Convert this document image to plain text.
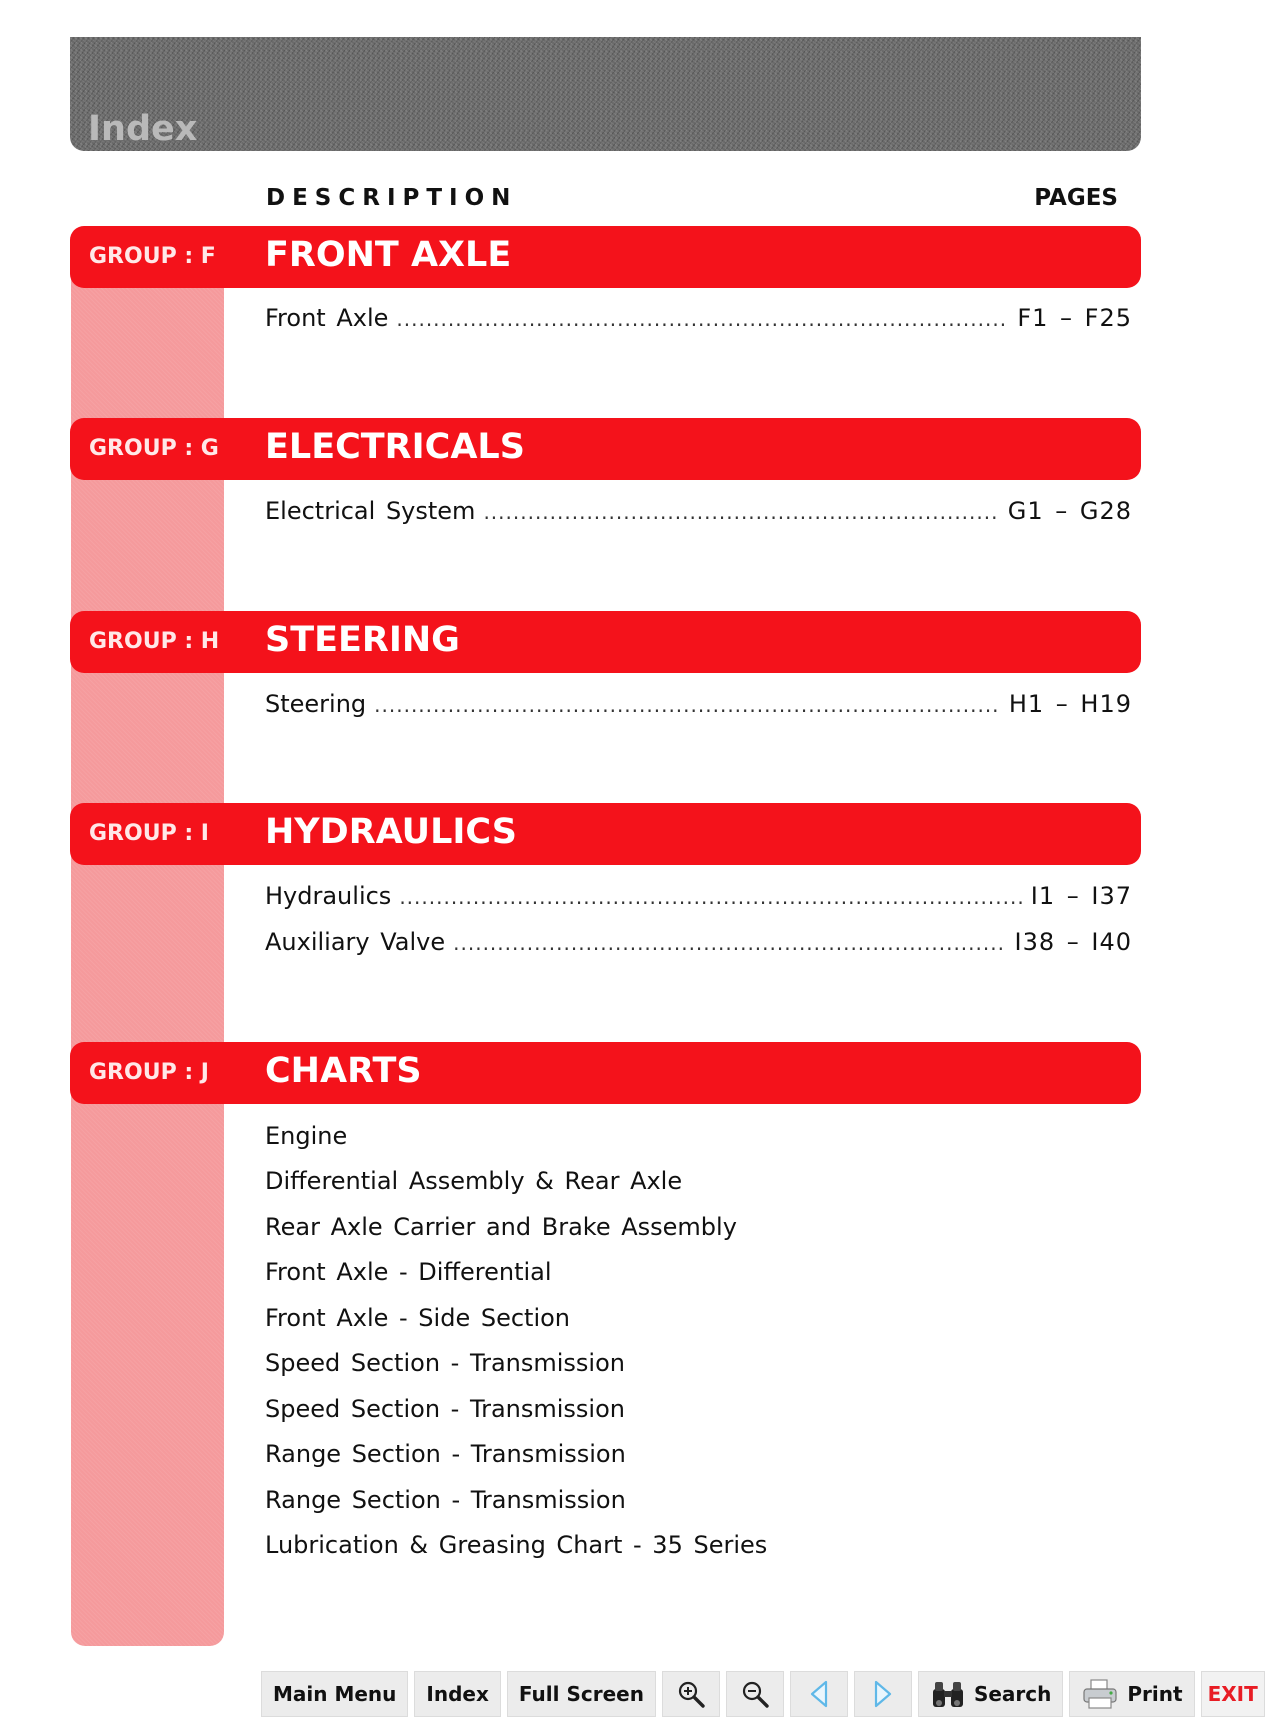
Index
DESCRIPTION	PAGES
GROUP : F FRONT AXLE
Front Axle .....	F1 – F25
GROUP : G ELECTRICALS
Electrical System .....	G1 – G28
GROUP : H STEERING
Steering .....	H1 – H19
GROUP : I HYDRAULICS
Hydraulics .....	I1 – I37
Auxiliary Valve .....	I38 – I40
GROUP : J CHARTS
Engine
Differential Assembly & Rear Axle
Rear Axle Carrier and Brake Assembly
Front Axle - Differential
Front Axle - Side Section
Speed Section - Transmission
Speed Section - Transmission
Range Section - Transmission
Range Section - Transmission
Lubrication & Greasing Chart - 35 Series
Main Menu	Index	Full Screen	Search	Print	EXIT
